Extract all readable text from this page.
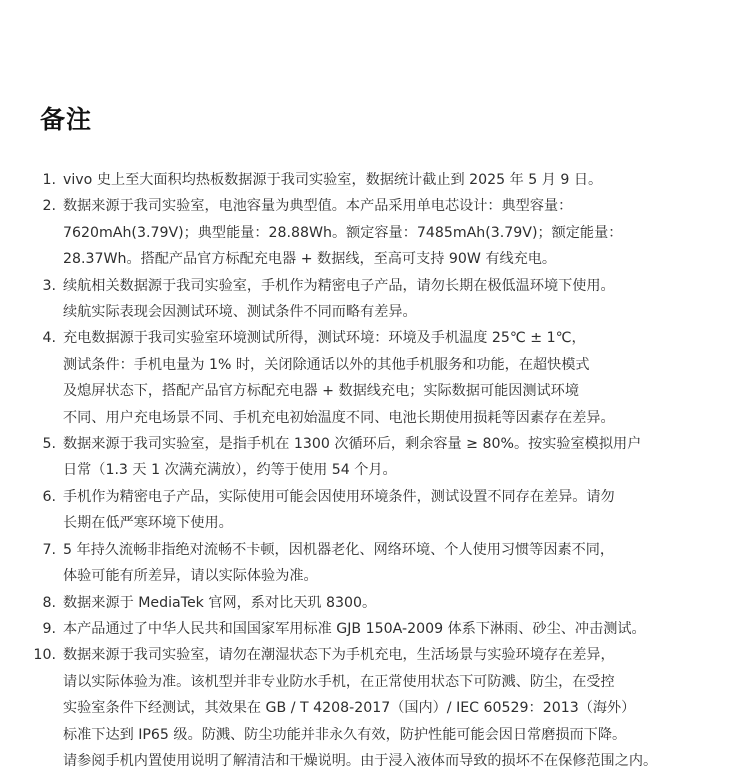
备注
1. vivo 史上至大面积均热板数据源于我司实验室，数据统计截止到 2025 年 5 月 9 日。
2. 数据来源于我司实验室，电池容量为典型值。本产品采用单电芯设计：典型容量：
7620mAh(3.79V)；典型能量：28.88Wh。额定容量：7485mAh(3.79V)；额定能量：
28.37Wh。搭配产品官方标配充电器 + 数据线，至高可支持 90W 有线充电。
3. 续航相关数据源于我司实验室，手机作为精密电子产品，请勿长期在极低温环境下使用。
续航实际表现会因测试环境、测试条件不同而略有差异。
4. 充电数据源于我司实验室环境测试所得，测试环境：环境及手机温度 25℃ ± 1℃，
测试条件：手机电量为 1% 时，关闭除通话以外的其他手机服务和功能，在超快模式
及熄屏状态下，搭配产品官方标配充电器 + 数据线充电；实际数据可能因测试环境
不同、用户充电场景不同、手机充电初始温度不同、电池长期使用损耗等因素存在差异。
5. 数据来源于我司实验室，是指手机在 1300 次循环后，剩余容量 ≥ 80%。按实验室模拟用户
日常（1.3 天 1 次满充满放），约等于使用 54 个月。
6. 手机作为精密电子产品，实际使用可能会因使用环境条件，测试设置不同存在差异。请勿
长期在低严寒环境下使用。
7. 5 年持久流畅非指绝对流畅不卡顿，因机器老化、网络环境、个人使用习惯等因素不同，
体验可能有所差异，请以实际体验为准。
8. 数据来源于 MediaTek 官网，系对比天玑 8300。
9. 本产品通过了中华人民共和国国家军用标准 GJB 150A-2009 体系下淋雨、砂尘、冲击测试。
10. 数据来源于我司实验室，请勿在潮湿状态下为手机充电，生活场景与实验环境存在差异，
请以实际体验为准。该机型并非专业防水手机，在正常使用状态下可防溅、防尘，在受控
实验室条件下经测试，其效果在 GB / T 4208-2017（国内）/ IEC 60529：2013（海外）
标准下达到 IP65 级。防溅、防尘功能并非永久有效，防护性能可能会因日常磨损而下降。
请参阅手机内置使用说明了解清洁和干燥说明。由于浸入液体而导致的损坏不在保修范围之内。
